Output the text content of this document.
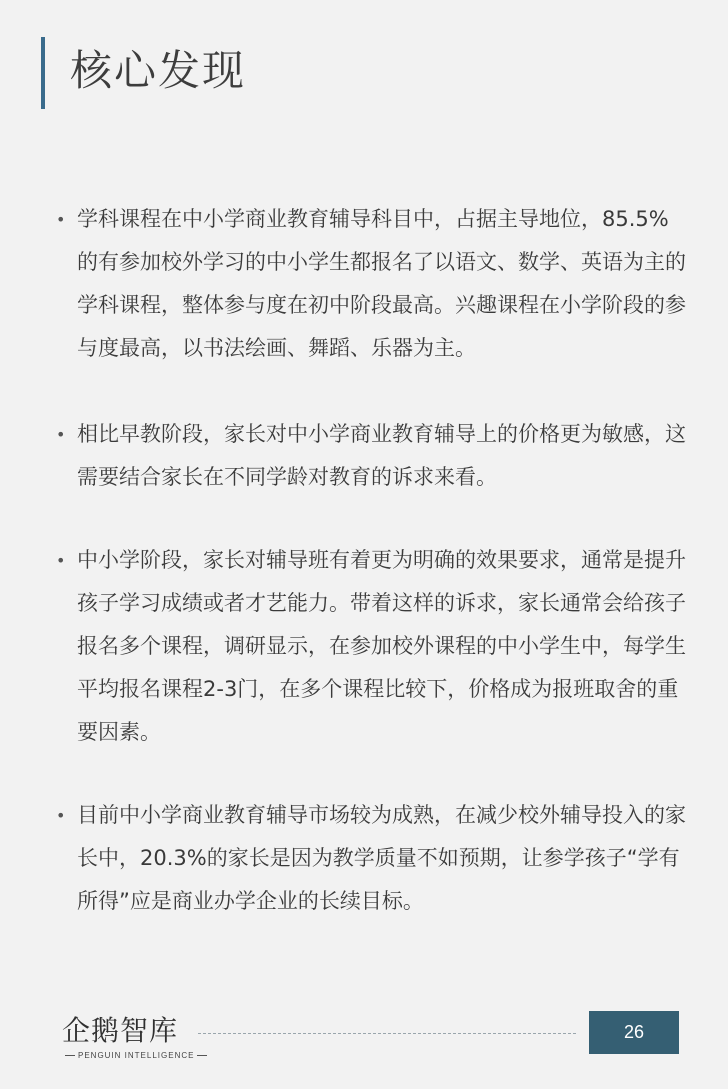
核心发现
• 学科课程在中小学商业教育辅导科目中，占据主导地位，85.5%的有参加校外学习的中小学生都报名了以语文、数学、英语为主的学科课程，整体参与度在初中阶段最高。兴趣课程在小学阶段的参与度最高，以书法绘画、舞蹈、乐器为主。
• 相比早教阶段，家长对中小学商业教育辅导上的价格更为敏感，这需要结合家长在不同学龄对教育的诉求来看。
• 中小学阶段，家长对辅导班有着更为明确的效果要求，通常是提升孩子学习成绩或者才艺能力。带着这样的诉求，家长通常会给孩子报名多个课程，调研显示，在参加校外课程的中小学生中，每学生平均报名课程2-3门，在多个课程比较下，价格成为报班取舍的重要因素。
• 目前中小学商业教育辅导市场较为成熟，在减少校外辅导投入的家长中，20.3%的家长是因为教学质量不如预期，让参学孩子“学有所得”应是商业办学企业的长续目标。
企鹅智库
PENGUIN INTELLIGENCE
26
